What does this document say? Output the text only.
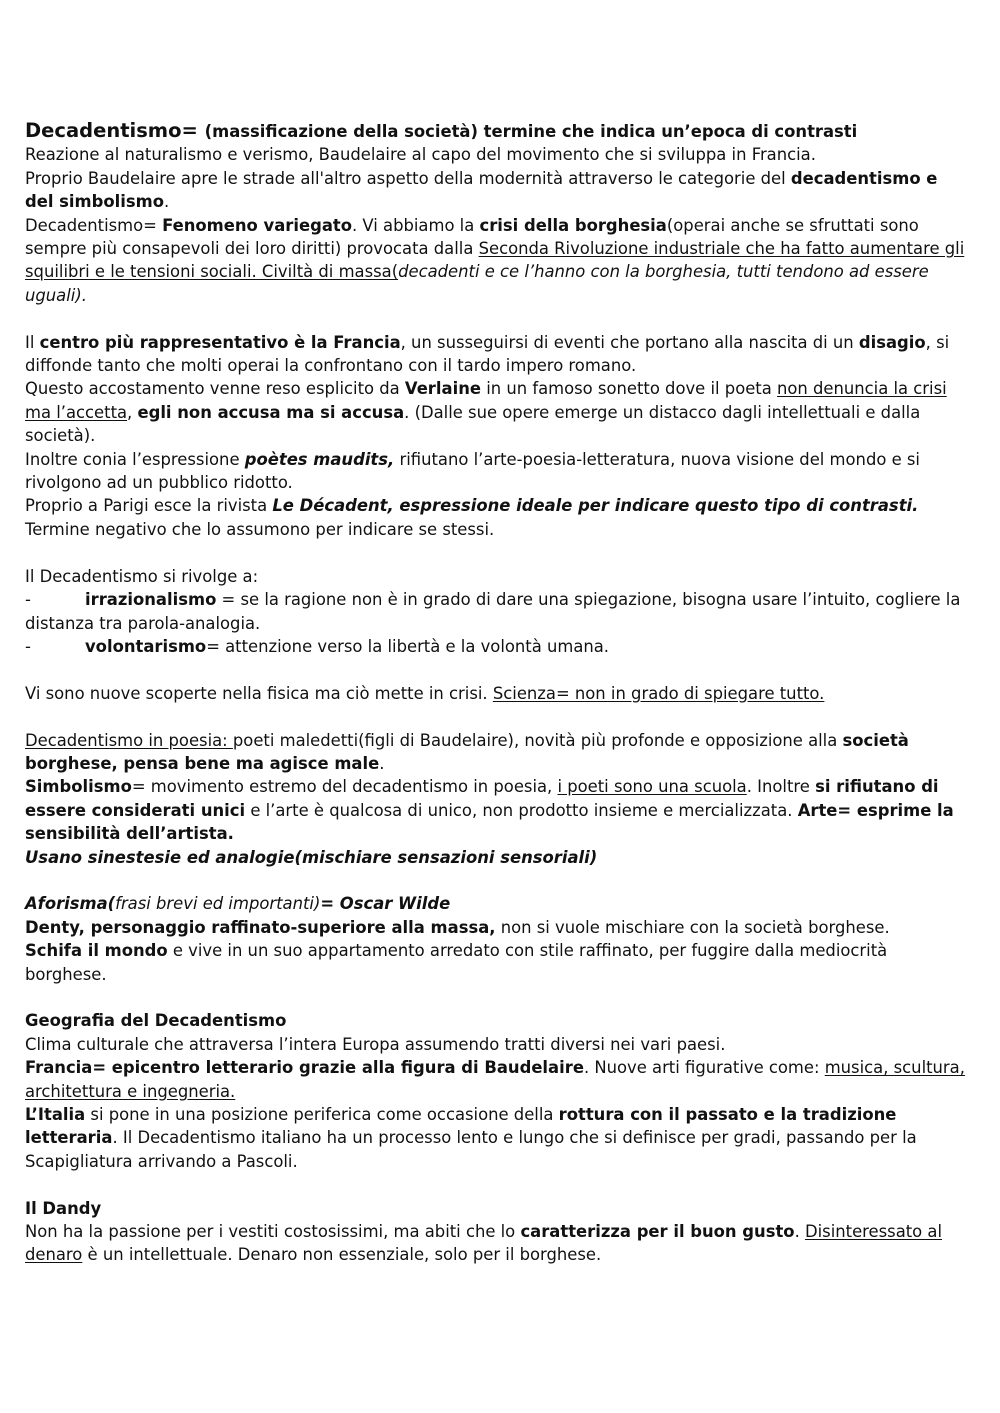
Decadentismo= (massificazione della società) termine che indica un’epoca di contrasti

Reazione al naturalismo e verismo, Baudelaire al capo del movimento che si sviluppa in Francia.

Proprio Baudelaire apre le strade all'altro aspetto della modernità attraverso le categorie del decadentismo e del simbolismo.

Decadentismo= Fenomeno variegato. Vi abbiamo la crisi della borghesia(operai anche se sfruttati sono sempre più consapevoli dei loro diritti) provocata dalla Seconda Rivoluzione industriale che ha fatto aumentare gli squilibri e le tensioni sociali. Civiltà di massa(decadenti e ce l’hanno con la borghesia, tutti tendono ad essere uguali).

Il centro più rappresentativo è la Francia, un susseguirsi di eventi che portano alla nascita di un disagio, si diffonde tanto che molti operai la confrontano con il tardo impero romano.

Questo accostamento venne reso esplicito da Verlaine in un famoso sonetto dove il poeta non denuncia la crisi ma l’accetta, egli non accusa ma si accusa. (Dalle sue opere emerge un distacco dagli intellettuali e dalla società).

Inoltre conia l’espressione poètes maudits, rifiutano l’arte-poesia-letteratura, nuova visione del mondo e si rivolgono ad un pubblico ridotto.

Proprio a Parigi esce la rivista Le Décadent, espressione ideale per indicare questo tipo di contrasti.

Termine negativo che lo assumono per indicare se stessi.

Il Decadentismo si rivolge a:

-	irrazionalismo = se la ragione non è in grado di dare una spiegazione, bisogna usare l’intuito, cogliere la distanza tra parola-analogia.

-	volontarismo= attenzione verso la libertà e la volontà umana.

Vi sono nuove scoperte nella fisica ma ciò mette in crisi. Scienza= non in grado di spiegare tutto.

Decadentismo in poesia: poeti maledetti(figli di Baudelaire), novità più profonde e opposizione alla società borghese, pensa bene ma agisce male.

Simbolismo= movimento estremo del decadentismo in poesia, i poeti sono una scuola. Inoltre si rifiutano di essere considerati unici e l’arte è qualcosa di unico, non prodotto insieme e mercializzata. Arte= esprime la sensibilità dell’artista.

Usano sinestesie ed analogie(mischiare sensazioni sensoriali)

Aforisma(frasi brevi ed importanti)= Oscar Wilde

Denty, personaggio raffinato-superiore alla massa, non si vuole mischiare con la società borghese.

Schifa il mondo e vive in un suo appartamento arredato con stile raffinato, per fuggire dalla mediocrità borghese.

Geografia del Decadentismo

Clima culturale che attraversa l’intera Europa assumendo tratti diversi nei vari paesi.

Francia= epicentro letterario grazie alla figura di Baudelaire. Nuove arti figurative come: musica, scultura, architettura e ingegneria.

L’Italia si pone in una posizione periferica come occasione della rottura con il passato e la tradizione letteraria. Il Decadentismo italiano ha un processo lento e lungo che si definisce per gradi, passando per la Scapigliatura arrivando a Pascoli.

Il Dandy

Non ha la passione per i vestiti costosissimi, ma abiti che lo caratterizza per il buon gusto. Disinteressato al denaro è un intellettuale. Denaro non essenziale, solo per il borghese.
